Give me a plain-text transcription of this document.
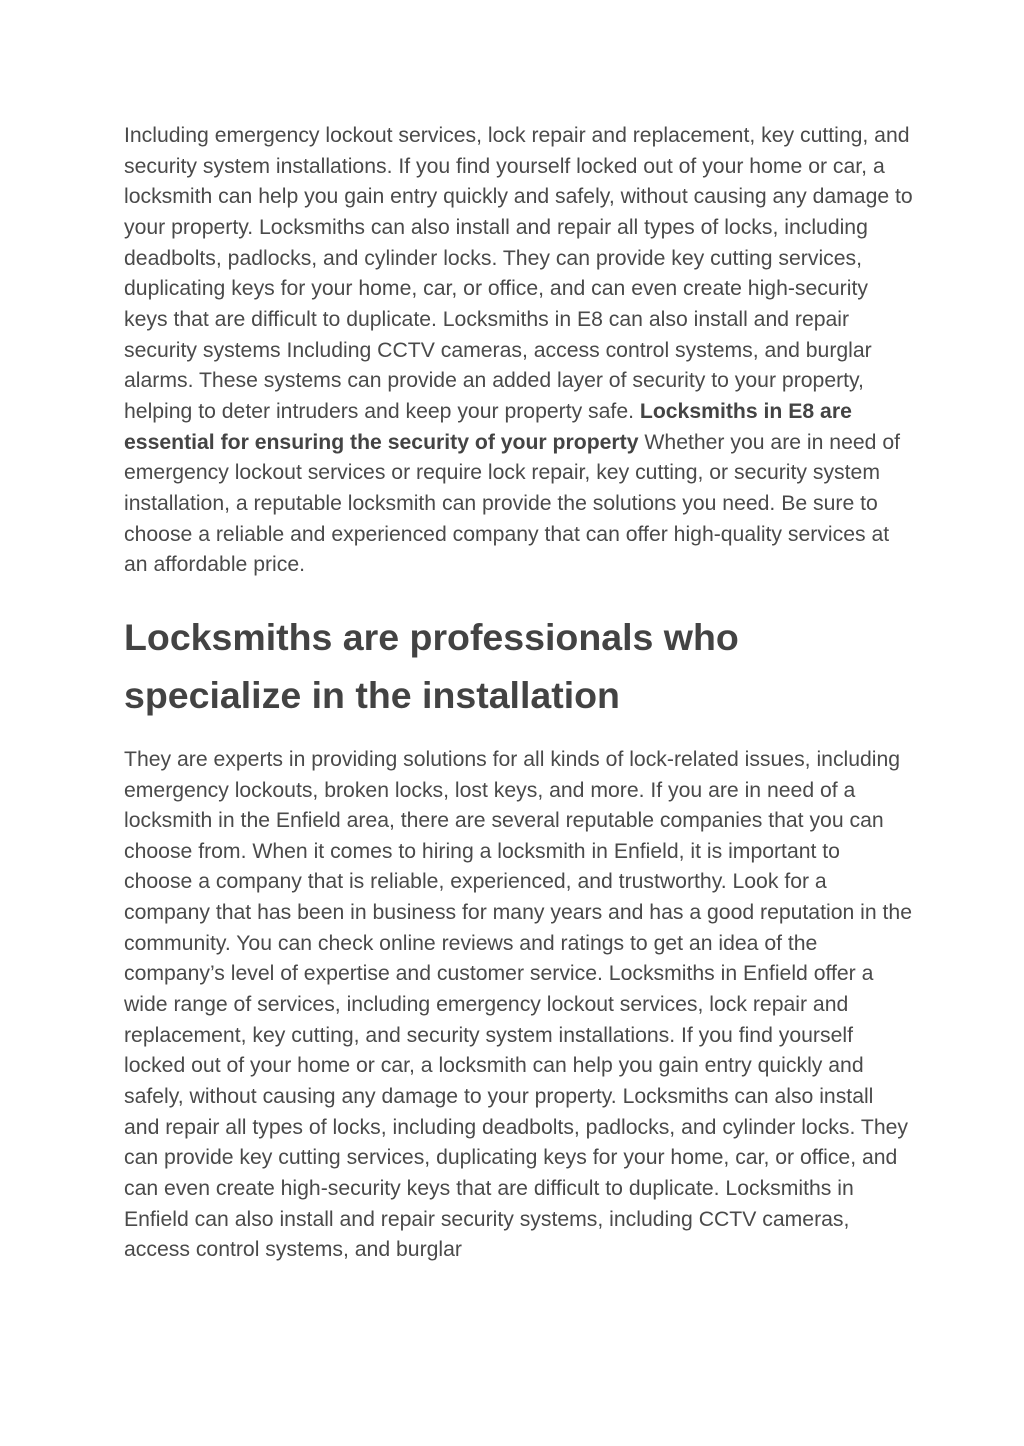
Including emergency lockout services, lock repair and replacement, key cutting, and security system installations. If you find yourself locked out of your home or car, a locksmith can help you gain entry quickly and safely, without causing any damage to your property. Locksmiths can also install and repair all types of locks, including deadbolts, padlocks, and cylinder locks. They can provide key cutting services, duplicating keys for your home, car, or office, and can even create high-security keys that are difficult to duplicate. Locksmiths in E8 can also install and repair security systems Including CCTV cameras, access control systems, and burglar alarms. These systems can provide an added layer of security to your property, helping to deter intruders and keep your property safe. Locksmiths in E8 are essential for ensuring the security of your property Whether you are in need of emergency lockout services or require lock repair, key cutting, or security system installation, a reputable locksmith can provide the solutions you need. Be sure to choose a reliable and experienced company that can offer high-quality services at an affordable price.

Locksmiths are professionals who specialize in the installation

They are experts in providing solutions for all kinds of lock-related issues, including emergency lockouts, broken locks, lost keys, and more. If you are in need of a locksmith in the Enfield area, there are several reputable companies that you can choose from. When it comes to hiring a locksmith in Enfield, it is important to choose a company that is reliable, experienced, and trustworthy. Look for a company that has been in business for many years and has a good reputation in the community. You can check online reviews and ratings to get an idea of the company’s level of expertise and customer service. Locksmiths in Enfield offer a wide range of services, including emergency lockout services, lock repair and replacement, key cutting, and security system installations. If you find yourself locked out of your home or car, a locksmith can help you gain entry quickly and safely, without causing any damage to your property. Locksmiths can also install and repair all types of locks, including deadbolts, padlocks, and cylinder locks. They can provide key cutting services, duplicating keys for your home, car, or office, and can even create high-security keys that are difficult to duplicate. Locksmiths in Enfield can also install and repair security systems, including CCTV cameras, access control systems, and burglar
